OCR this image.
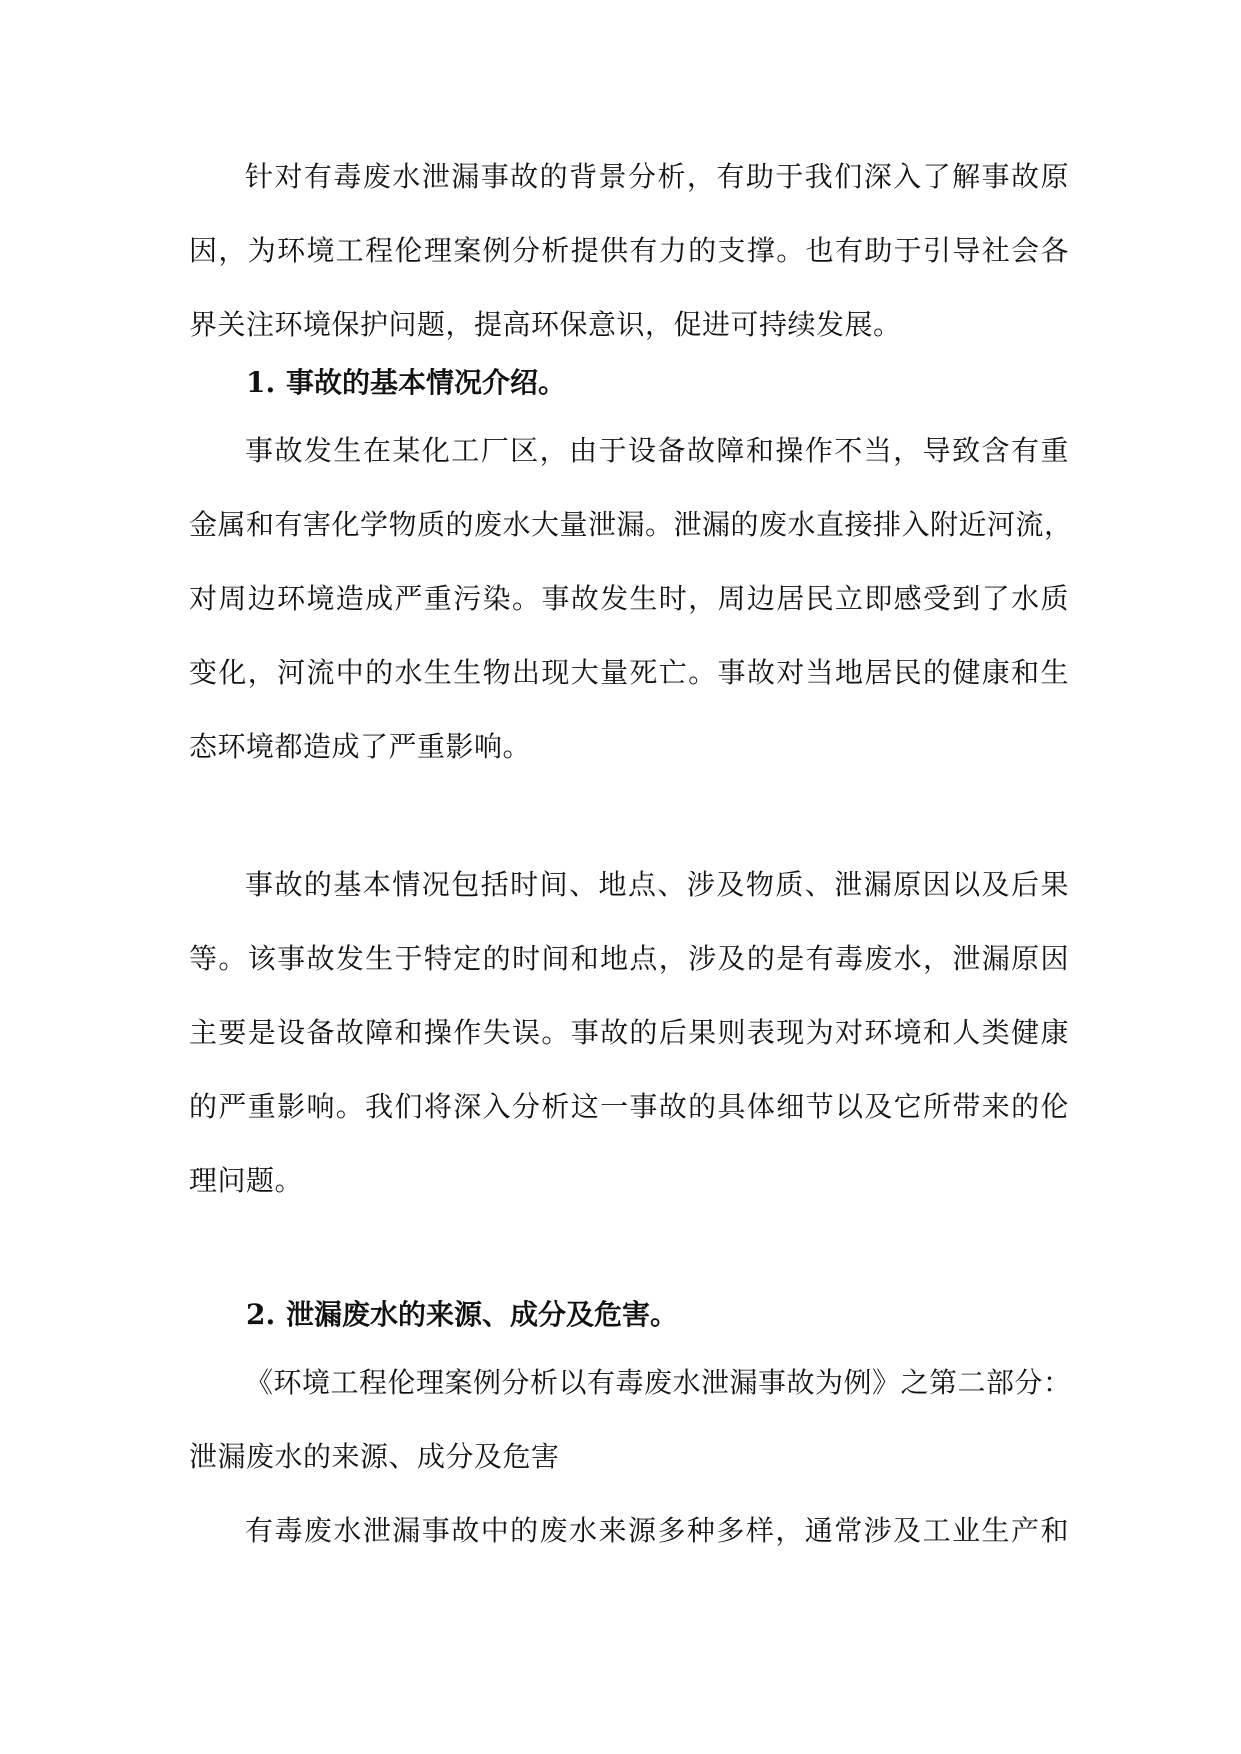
针对有毒废水泄漏事故的背景分析，有助于我们深入了解事故原
因，为环境工程伦理案例分析提供有力的支撑。也有助于引导社会各
界关注环境保护问题，提高环保意识，促进可持续发展。

1. 事故的基本情况介绍。

事故发生在某化工厂区，由于设备故障和操作不当，导致含有重
金属和有害化学物质的废水大量泄漏。泄漏的废水直接排入附近河流，
对周边环境造成严重污染。事故发生时，周边居民立即感受到了水质
变化，河流中的水生生物出现大量死亡。事故对当地居民的健康和生
态环境都造成了严重影响。

事故的基本情况包括时间、地点、涉及物质、泄漏原因以及后果
等。该事故发生于特定的时间和地点，涉及的是有毒废水，泄漏原因
主要是设备故障和操作失误。事故的后果则表现为对环境和人类健康
的严重影响。我们将深入分析这一事故的具体细节以及它所带来的伦
理问题。

2. 泄漏废水的来源、成分及危害。

《环境工程伦理案例分析以有毒废水泄漏事故为例》之第二部分：
泄漏废水的来源、成分及危害

有毒废水泄漏事故中的废水来源多种多样，通常涉及工业生产和
